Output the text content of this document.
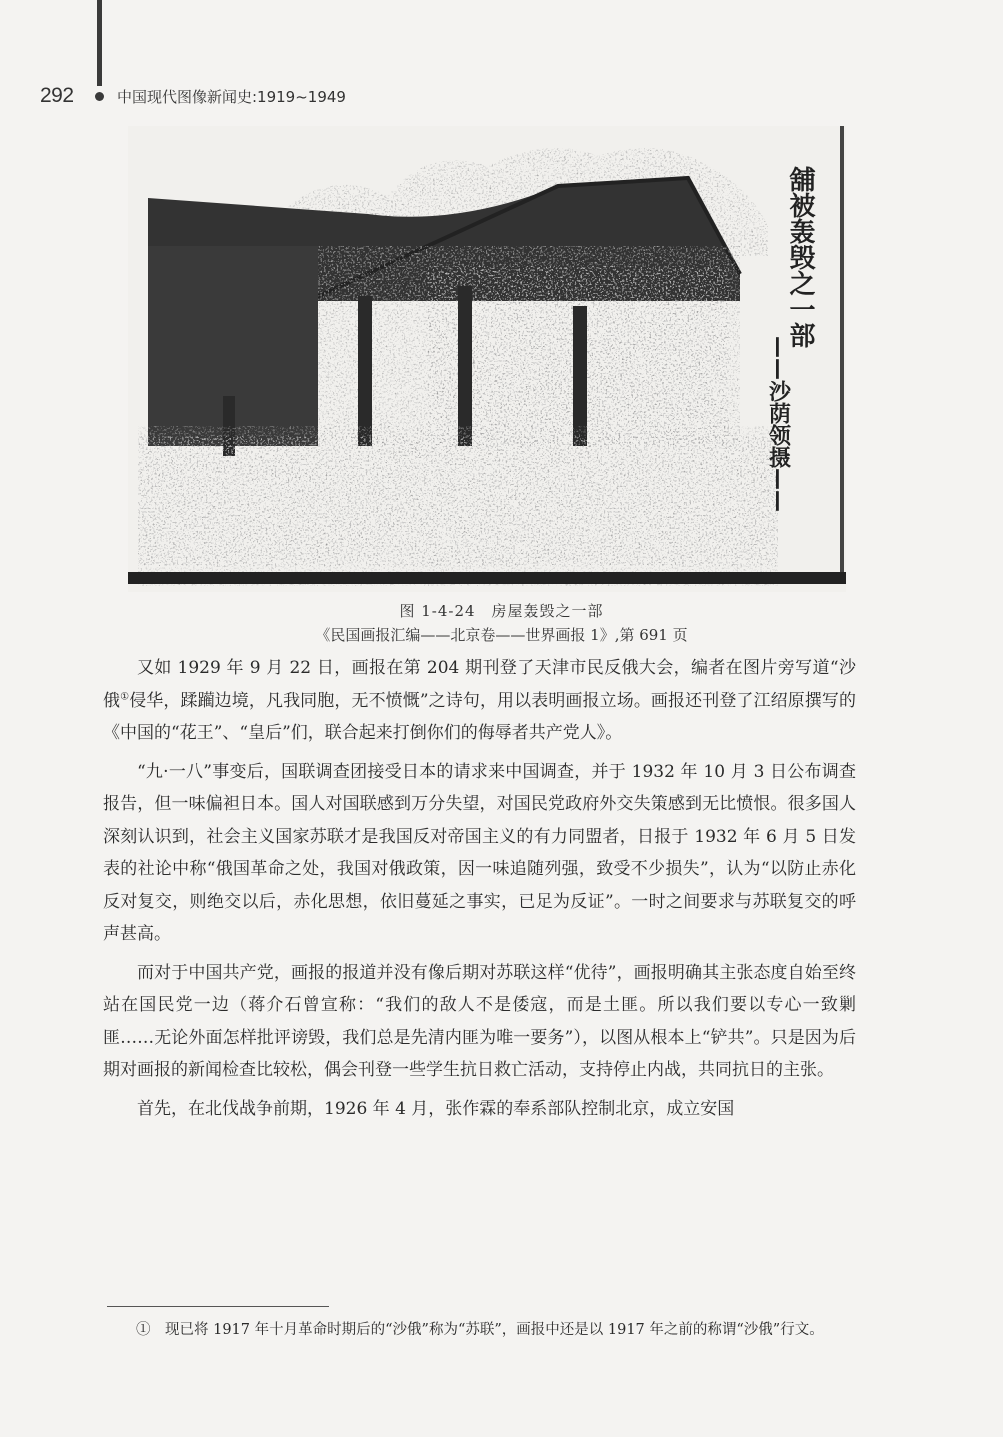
292	中国现代图像新闻史:1919~1949
舖被轰毁之一部
——沙荫领摄——
图 1-4-24　房屋轰毁之一部
《民国画报汇编——北京卷——世界画报 1》,第 691 页

又如 1929 年 9 月 22 日，画报在第 204 期刊登了天津市民反俄大会，编者在图片旁写道“沙俄①侵华，蹂躏边境，凡我同胞，无不愤慨”之诗句，用以表明画报立场。画报还刊登了江绍原撰写的《中国的“花王”、“皇后”们，联合起来打倒你们的侮辱者共产党人》。

“九·一八”事变后，国联调查团接受日本的请求来中国调查，并于 1932 年 10 月 3 日公布调查报告，但一味偏袒日本。国人对国联感到万分失望，对国民党政府外交失策感到无比愤恨。很多国人深刻认识到，社会主义国家苏联才是我国反对帝国主义的有力同盟者，日报于 1932 年 6 月 5 日发表的社论中称“俄国革命之处，我国对俄政策，因一味追随列强，致受不少损失”，认为“以防止赤化反对复交，则绝交以后，赤化思想，依旧蔓延之事实，已足为反证”。一时之间要求与苏联复交的呼声甚高。

而对于中国共产党，画报的报道并没有像后期对苏联这样“优待”，画报明确其主张态度自始至终站在国民党一边（蒋介石曾宣称：“我们的敌人不是倭寇，而是土匪。所以我们要以专心一致剿匪……无论外面怎样批评谤毁，我们总是先清内匪为唯一要务”），以图从根本上“铲共”。只是因为后期对画报的新闻检查比较松，偶会刊登一些学生抗日救亡活动，支持停止内战，共同抗日的主张。

首先，在北伐战争前期，1926 年 4 月，张作霖的奉系部队控制北京，成立安国

①　现已将 1917 年十月革命时期后的“沙俄”称为“苏联”，画报中还是以 1917 年之前的称谓“沙俄”行文。
